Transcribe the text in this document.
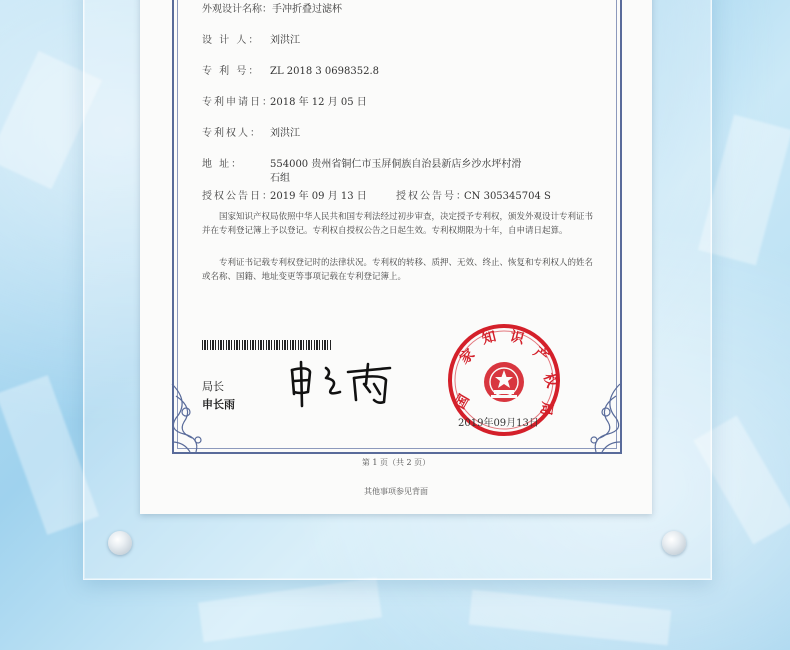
外观设计名称：手冲折叠过滤杯
设 计 人： 刘洪江
专 利 号： ZL 2018 3 0698352.8
专利申请日：2018 年 12 月 05 日
专利权人： 刘洪江
地 址：	554000 贵州省铜仁市玉屏侗族自治县新店乡沙水坪村滑
石组
授权公告日：2019 年 09 月 13 日	授权公告号：CN 305345704 S
国家知识产权局依照中华人民共和国专利法经过初步审查，决定授予专利权，颁发外观设计专利证书并在专利登记簿上予以登记。专利权自授权公告之日起生效。专利权期限为十年，自申请日起算。
专利证书记载专利权登记时的法律状况。专利权的转移、质押、无效、终止、恢复和专利权人的姓名或名称、国籍、地址变更等事项记载在专利登记簿上。
局长
申长雨	国
家
知 识
产
权
局
2019年09月13日
第 1 页（共 2 页）
其他事项参见背面
